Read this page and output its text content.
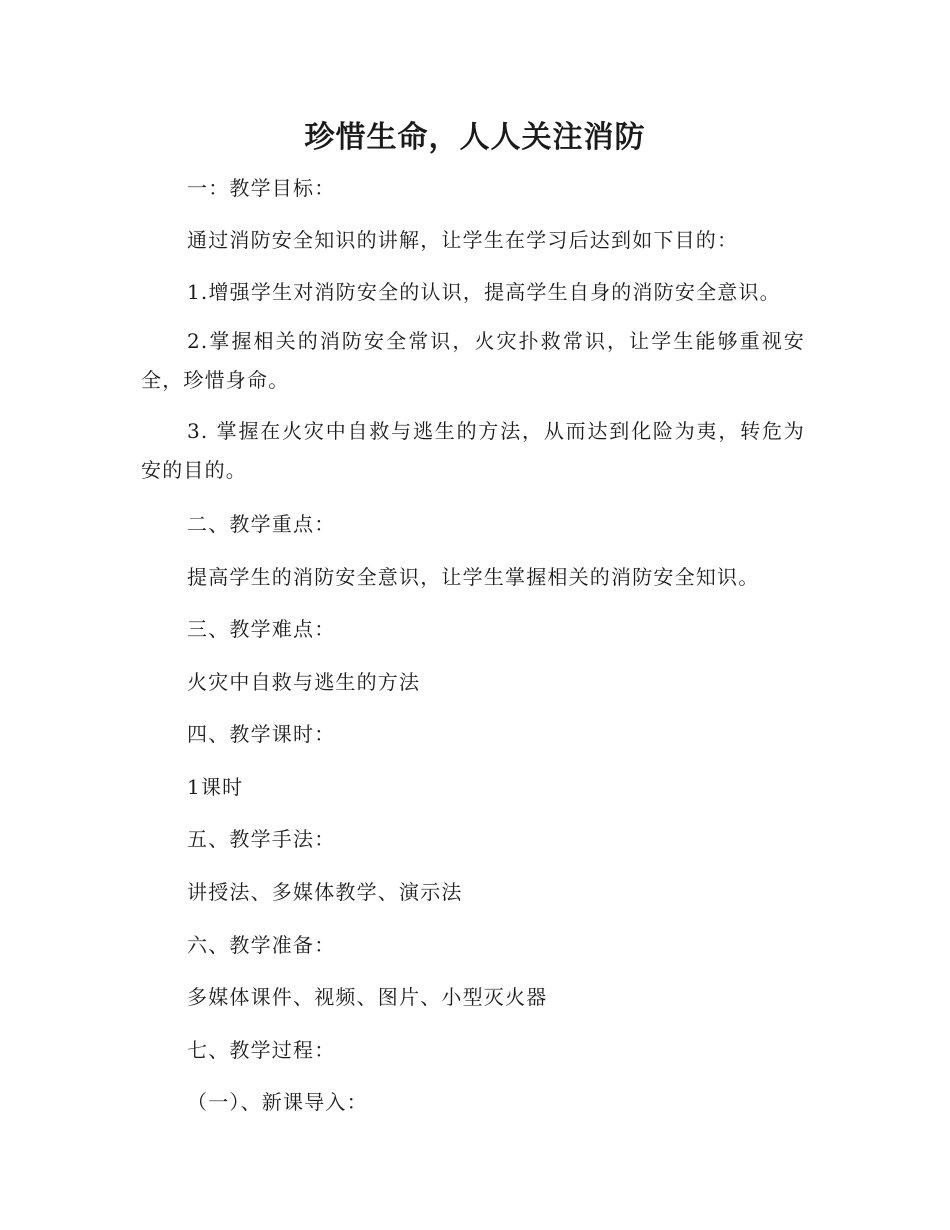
珍惜生命，人人关注消防
一：教学目标：
通过消防安全知识的讲解，让学生在学习后达到如下目的：
1.增强学生对消防安全的认识，提高学生自身的消防安全意识。
2.掌握相关的消防安全常识，火灾扑救常识，让学生能够重视安全，珍惜身命。
3. 掌握在火灾中自救与逃生的方法，从而达到化险为夷，转危为安的目的。
二、教学重点：
提高学生的消防安全意识，让学生掌握相关的消防安全知识。
三、教学难点：
火灾中自救与逃生的方法
四、教学课时：
1课时
五、教学手法：
讲授法、多媒体教学、演示法
六、教学准备：
多媒体课件、视频、图片、小型灭火器
七、教学过程：
（一）、新课导入：
